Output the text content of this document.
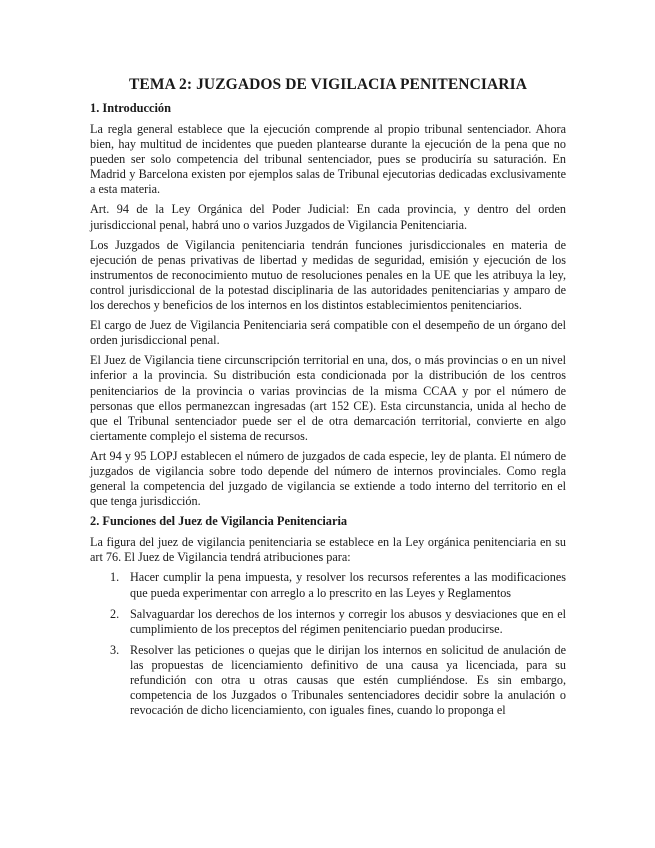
TEMA 2: JUZGADOS DE VIGILACIA PENITENCIARIA
1. Introducción

La regla general establece que la ejecución comprende al propio tribunal sentenciador. Ahora bien, hay multitud de incidentes que pueden plantearse durante la ejecución de la pena que no pueden ser solo competencia del tribunal sentenciador, pues se produciría su saturación. En Madrid y Barcelona existen por ejemplos salas de Tribunal ejecutorias dedicadas exclusivamente a esta materia.

Art. 94 de la Ley Orgánica del Poder Judicial: En cada provincia, y dentro del orden jurisdiccional penal, habrá uno o varios Juzgados de Vigilancia Penitenciaria.

Los Juzgados de Vigilancia penitenciaria tendrán funciones jurisdiccionales en materia de ejecución de penas privativas de libertad y medidas de seguridad, emisión y ejecución de los instrumentos de reconocimiento mutuo de resoluciones penales en la UE que les atribuya la ley, control jurisdiccional de la potestad disciplinaria de las autoridades penitenciarias y amparo de los derechos y beneficios de los internos en los distintos establecimientos penitenciarios.

El cargo de Juez de Vigilancia Penitenciaria será compatible con el desempeño de un órgano del orden jurisdiccional penal.

El Juez de Vigilancia tiene circunscripción territorial en una, dos, o más provincias o en un nivel inferior a la provincia. Su distribución esta condicionada por la distribución de los centros penitenciarios de la provincia o varias provincias de la misma CCAA y por el número de personas que ellos permanezcan ingresadas (art 152 CE). Esta circunstancia, unida al hecho de que el Tribunal sentenciador puede ser el de otra demarcación territorial, convierte en algo ciertamente complejo el sistema de recursos.

Art 94 y 95 LOPJ establecen el número de juzgados de cada especie, ley de planta. El número de juzgados de vigilancia sobre todo depende del número de internos provinciales. Como regla general la competencia del juzgado de vigilancia se extiende a todo interno del territorio en el que tenga jurisdicción.

2. Funciones del Juez de Vigilancia Penitenciaria

La figura del juez de vigilancia penitenciaria se establece en la Ley orgánica penitenciaria en su art 76. El Juez de Vigilancia tendrá atribuciones para:

1. Hacer cumplir la pena impuesta, y resolver los recursos referentes a las modificaciones que pueda experimentar con arreglo a lo prescrito en las Leyes y Reglamentos
2. Salvaguardar los derechos de los internos y corregir los abusos y desviaciones que en el cumplimiento de los preceptos del régimen penitenciario puedan producirse.
3. Resolver las peticiones o quejas que le dirijan los internos en solicitud de anulación de las propuestas de licenciamiento definitivo de una causa ya licenciada, para su refundición con otra u otras causas que estén cumpliéndose. Es sin embargo, competencia de los Juzgados o Tribunales sentenciadores decidir sobre la anulación o revocación de dicho licenciamiento, con iguales fines, cuando lo proponga el
